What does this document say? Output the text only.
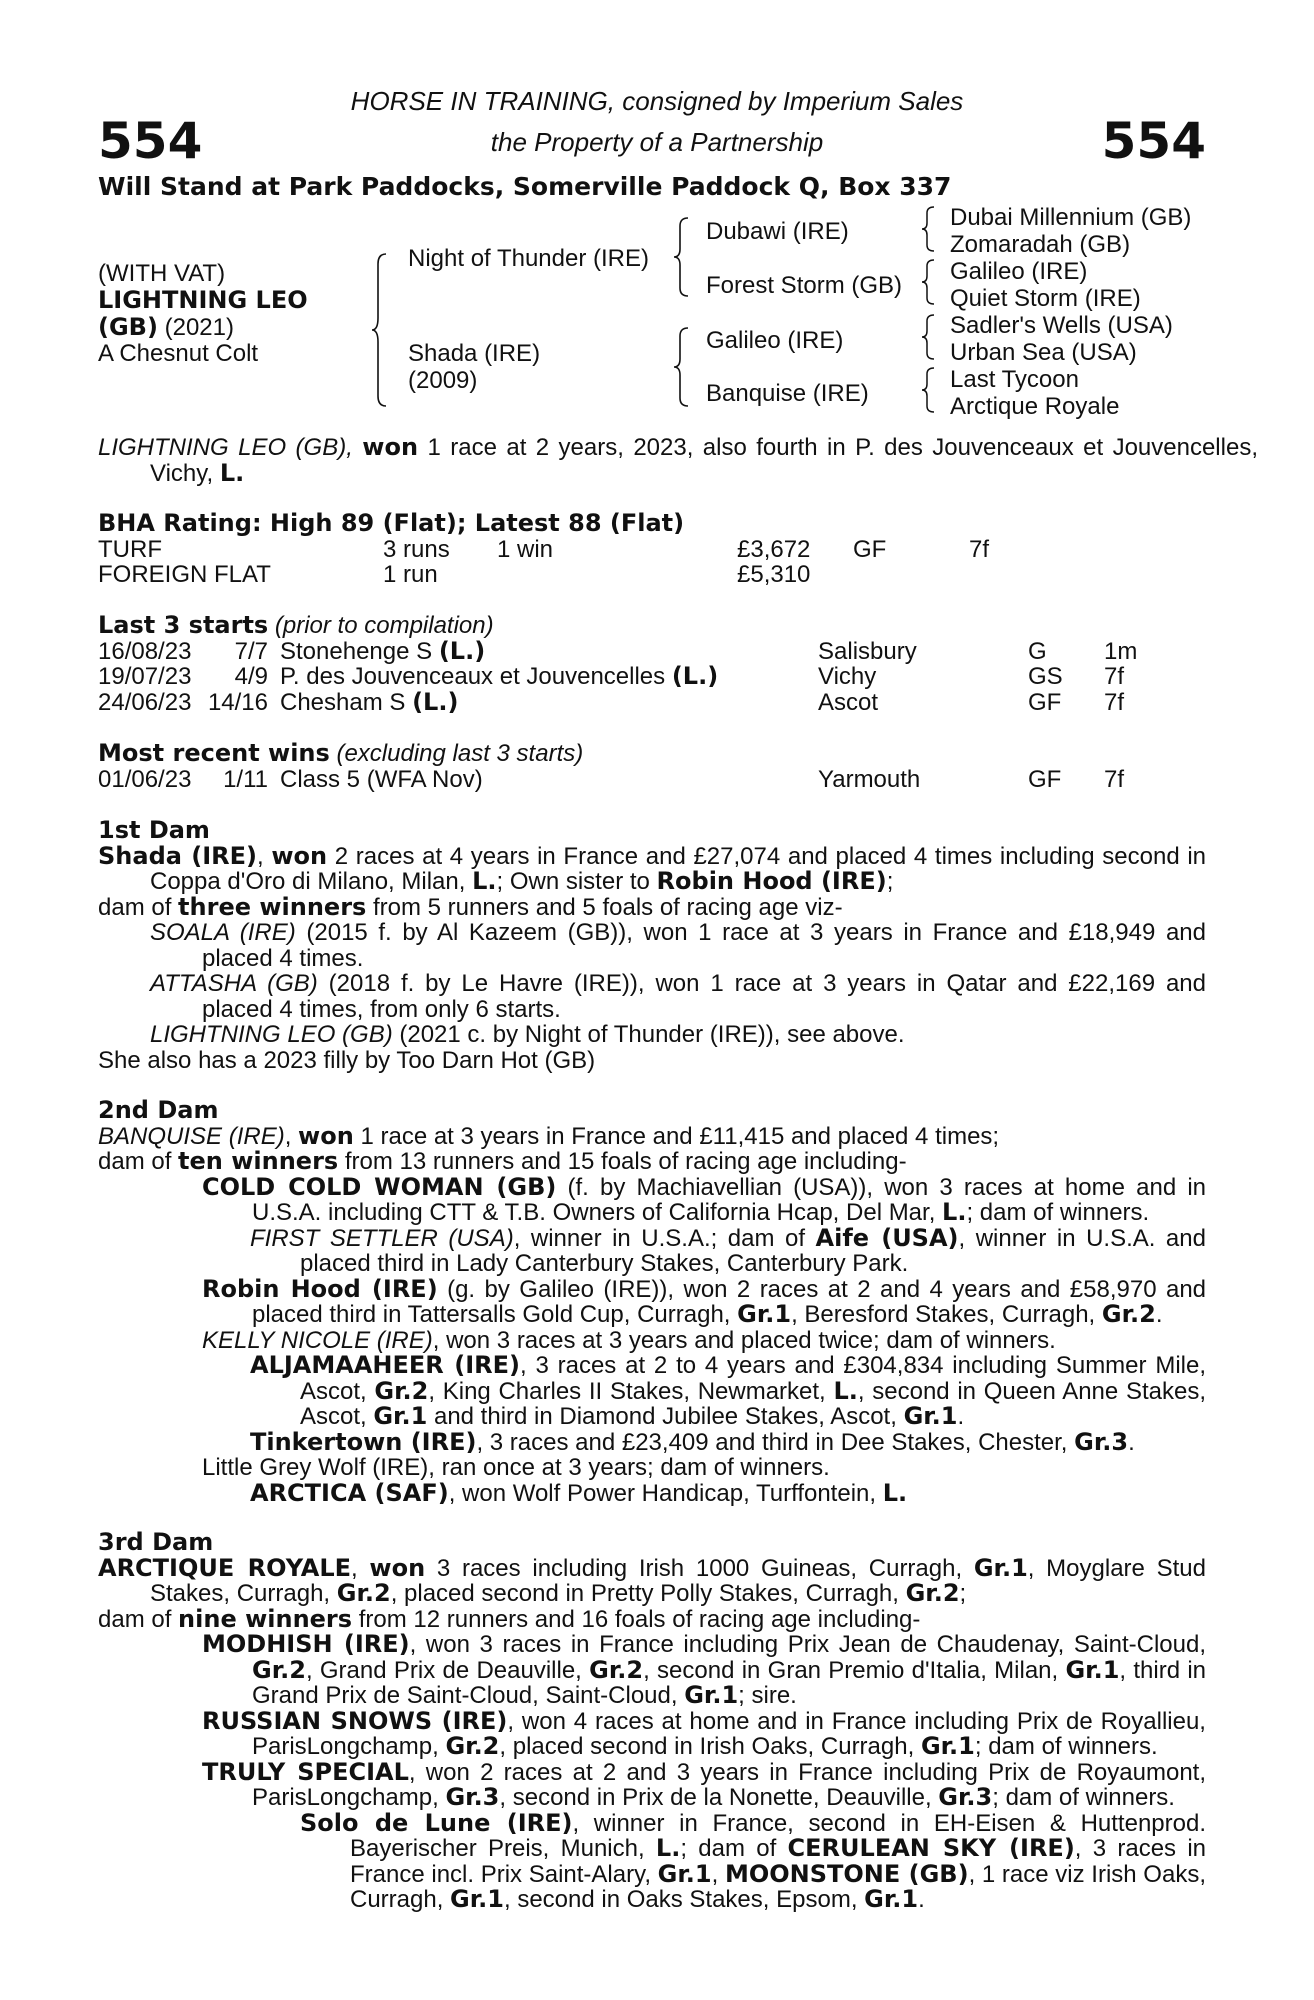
554	554
HORSE IN TRAINING, consigned by Imperium Sales
the Property of a Partnership
Will Stand at Park Paddocks, Somerville Paddock Q, Box 337
(WITH VAT)
LIGHTNING LEO
(GB) (2021)
A Chesnut Colt
Night of Thunder (IRE)
Shada (IRE)
(2009)
Dubawi (IRE)
Forest Storm (GB)
Galileo (IRE)
Banquise (IRE)
Dubai Millennium (GB)
Zomaradah (GB)
Galileo (IRE)
Quiet Storm (IRE)
Sadler's Wells (USA)
Urban Sea (USA)
Last Tycoon
Arctique Royale
LIGHTNING LEO (GB), won 1 race at 2 years, 2023, also fourth in P. des Jouvenceaux et Jouvencelles, Vichy, L.
BHA Rating: High 89 (Flat); Latest 88 (Flat)
TURF	3 runs	1 win	£3,672	GF	7f
FOREIGN FLAT	1 run		£5,310		
Last 3 starts (prior to compilation)
16/08/23	7/7	Stonehenge S (L.)	Salisbury	G	1m
19/07/23	4/9	P. des Jouvenceaux et Jouvencelles (L.)	Vichy	GS	7f
24/06/23	14/16	Chesham S (L.)	Ascot	GF	7f
Most recent wins (excluding last 3 starts)
01/06/23	1/11	Class 5 (WFA Nov)	Yarmouth	GF	7f
1st Dam

Shada (IRE), won 2 races at 4 years in France and £27,074 and placed 4 times including second in Coppa d'Oro di Milano, Milan, L.; Own sister to Robin Hood (IRE);

dam of three winners from 5 runners and 5 foals of racing age viz-

SOALA (IRE) (2015 f. by Al Kazeem (GB)), won 1 race at 3 years in France and £18,949 and placed 4 times.

ATTASHA (GB) (2018 f. by Le Havre (IRE)), won 1 race at 3 years in Qatar and £22,169 and placed 4 times, from only 6 starts.

LIGHTNING LEO (GB) (2021 c. by Night of Thunder (IRE)), see above.

She also has a 2023 filly by Too Darn Hot (GB)

2nd Dam

BANQUISE (IRE), won 1 race at 3 years in France and £11,415 and placed 4 times;

dam of ten winners from 13 runners and 15 foals of racing age including-

COLD COLD WOMAN (GB) (f. by Machiavellian (USA)), won 3 races at home and in U.S.A. including CTT & T.B. Owners of California Hcap, Del Mar, L.; dam of winners.

FIRST SETTLER (USA), winner in U.S.A.; dam of Aife (USA), winner in U.S.A. and placed third in Lady Canterbury Stakes, Canterbury Park.

Robin Hood (IRE) (g. by Galileo (IRE)), won 2 races at 2 and 4 years and £58,970 and placed third in Tattersalls Gold Cup, Curragh, Gr.1, Beresford Stakes, Curragh, Gr.2.

KELLY NICOLE (IRE), won 3 races at 3 years and placed twice; dam of winners.

ALJAMAAHEER (IRE), 3 races at 2 to 4 years and £304,834 including Summer Mile, Ascot, Gr.2, King Charles II Stakes, Newmarket, L., second in Queen Anne Stakes, Ascot, Gr.1 and third in Diamond Jubilee Stakes, Ascot, Gr.1.

Tinkertown (IRE), 3 races and £23,409 and third in Dee Stakes, Chester, Gr.3.

Little Grey Wolf (IRE), ran once at 3 years; dam of winners.

ARCTICA (SAF), won Wolf Power Handicap, Turffontein, L.

3rd Dam

ARCTIQUE ROYALE, won 3 races including Irish 1000 Guineas, Curragh, Gr.1, Moyglare Stud Stakes, Curragh, Gr.2, placed second in Pretty Polly Stakes, Curragh, Gr.2;

dam of nine winners from 12 runners and 16 foals of racing age including-

MODHISH (IRE), won 3 races in France including Prix Jean de Chaudenay, Saint-Cloud, Gr.2, Grand Prix de Deauville, Gr.2, second in Gran Premio d'Italia, Milan, Gr.1, third in Grand Prix de Saint-Cloud, Saint-Cloud, Gr.1; sire.

RUSSIAN SNOWS (IRE), won 4 races at home and in France including Prix de Royallieu, ParisLongchamp, Gr.2, placed second in Irish Oaks, Curragh, Gr.1; dam of winners.

TRULY SPECIAL, won 2 races at 2 and 3 years in France including Prix de Royaumont, ParisLongchamp, Gr.3, second in Prix de la Nonette, Deauville, Gr.3; dam of winners.

Solo de Lune (IRE), winner in France, second in EH-Eisen & Huttenprod. Bayerischer Preis, Munich, L.; dam of CERULEAN SKY (IRE), 3 races in France incl. Prix Saint-Alary, Gr.1, MOONSTONE (GB), 1 race viz Irish Oaks, Curragh, Gr.1, second in Oaks Stakes, Epsom, Gr.1.
